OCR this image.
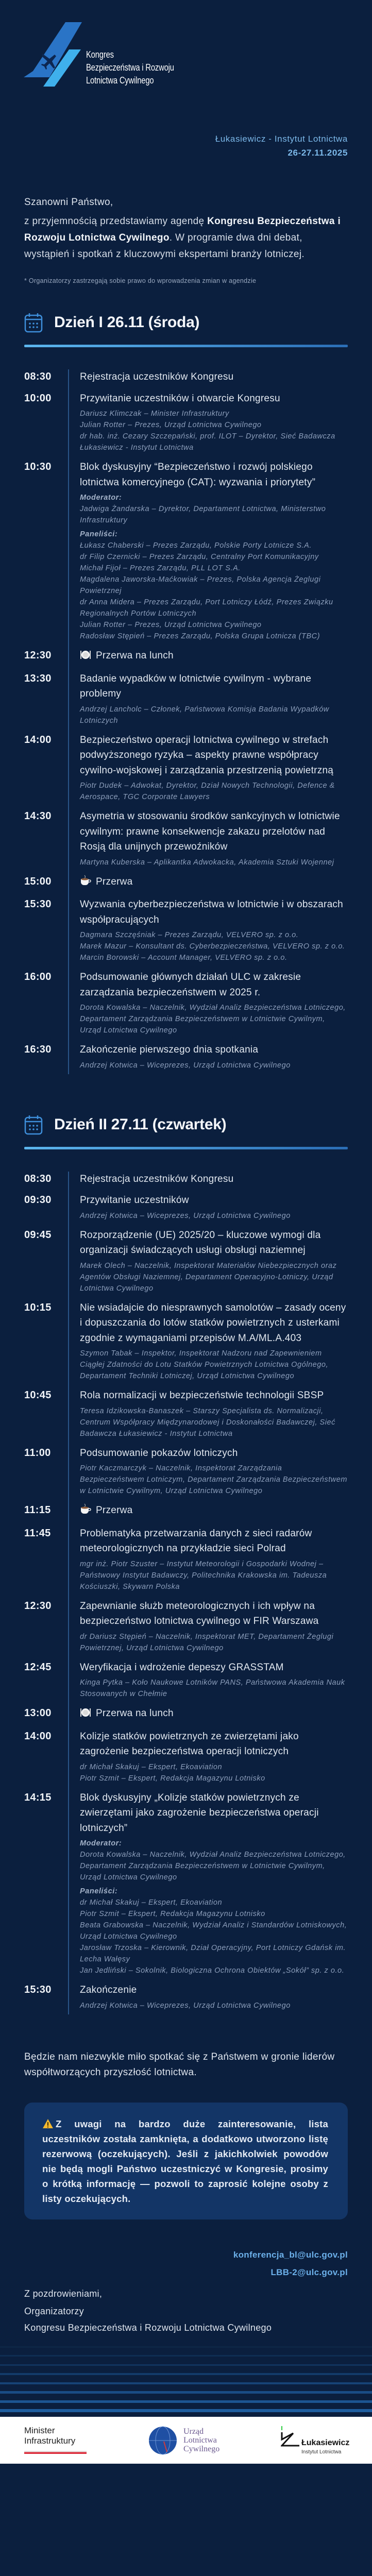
Kongres
Bezpieczeństwa i Rozwoju
Lotnictwa Cywilnego
Łukasiewicz - Instytut Lotnictwa
26-27.11.2025
Szanowni Państwo,
z przyjemnością przedstawiamy agendę Kongresu Bezpieczeństwa i Rozwoju Lotnictwa Cywilnego. W programie dwa dni debat, wystąpień i spotkań z kluczowymi ekspertami branży lotniczej.
* Organizatorzy zastrzegają sobie prawo do wprowadzenia zmian w agendzie
Dzień I 26.11 (środa)
08:30	Rejestracja uczestników Kongresu
10:00	Przywitanie uczestników i otwarcie Kongresu
Dariusz Klimczak – Minister Infrastruktury
Julian Rotter – Prezes, Urząd Lotnictwa Cywilnego
dr hab. inż. Cezary Szczepański, prof. ILOT – Dyrektor, Sieć Badawcza Łukasiewicz - Instytut Lotnictwa
10:30	Blok dyskusyjny “Bezpieczeństwo i rozwój polskiego lotnictwa komercyjnego (CAT): wyzwania i priorytety”
Moderator:
Jadwiga Żandarska – Dyrektor, Departament Lotnictwa, Ministerstwo Infrastruktury
Paneliści:
Łukasz Chaberski – Prezes Zarządu, Polskie Porty Lotnicze S.A.
dr Filip Czernicki – Prezes Zarządu, Centralny Port Komunikacyjny
Michał Fijoł – Prezes Zarządu, PLL LOT S.A.
Magdalena Jaworska-Maćkowiak – Prezes, Polska Agencja Żeglugi Powietrznej
dr Anna Midera – Prezes Zarządu, Port Lotniczy Łódź, Prezes Związku Regionalnych Portów Lotniczych
Julian Rotter – Prezes, Urząd Lotnictwa Cywilnego
Radosław Stępień – Prezes Zarządu, Polska Grupa Lotnicza (TBC)
12:30	Przerwa na lunch
13:30	Badanie wypadków w lotnictwie cywilnym - wybrane problemy
Andrzej Lancholc – Członek, Państwowa Komisja Badania Wypadków Lotniczych
14:00	Bezpieczeństwo operacji lotnictwa cywilnego w strefach podwyższonego ryzyka – aspekty prawne współpracy cywilno-wojskowej i zarządzania przestrzenią powietrzną
Piotr Dudek – Adwokat, Dyrektor, Dział Nowych Technologii, Defence & Aerospace, TGC Corporate Lawyers
14:30	Asymetria w stosowaniu środków sankcyjnych w lotnictwie cywilnym: prawne konsekwencje zakazu przelotów nad Rosją dla unijnych przewoźników
Martyna Kuberska – Aplikantka Adwokacka, Akademia Sztuki Wojennej
15:00	Przerwa
15:30	Wyzwania cyberbezpieczeństwa w lotnictwie i w obszarach współpracujących
Dagmara Szczęśniak – Prezes Zarządu, VELVERO sp. z o.o.
Marek Mazur – Konsultant ds. Cyberbezpieczeństwa, VELVERO sp. z o.o.
Marcin Borowski – Account Manager, VELVERO sp. z o.o.
16:00	Podsumowanie głównych działań ULC w zakresie zarządzania bezpieczeństwem w 2025 r.
Dorota Kowalska – Naczelnik, Wydział Analiz Bezpieczeństwa Lotniczego, Departament Zarządzania Bezpieczeństwem w Lotnictwie Cywilnym, Urząd Lotnictwa Cywilnego
16:30	Zakończenie pierwszego dnia spotkania
Andrzej Kotwica – Wiceprezes, Urząd Lotnictwa Cywilnego
Dzień II 27.11 (czwartek)
08:30	Rejestracja uczestników Kongresu
09:30	Przywitanie uczestników
Andrzej Kotwica – Wiceprezes, Urząd Lotnictwa Cywilnego
09:45	Rozporządzenie (UE) 2025/20 – kluczowe wymogi dla organizacji świadczących usługi obsługi naziemnej
Marek Olech – Naczelnik, Inspektorat Materiałów Niebezpiecznych oraz Agentów Obsługi Naziemnej, Departament Operacyjno-Lotniczy, Urząd Lotnictwa Cywilnego
10:15	Nie wsiadajcie do niesprawnych samolotów – zasady oceny i dopuszczania do lotów statków powietrznych z usterkami zgodnie z wymaganiami przepisów M.A/ML.A.403
Szymon Tabak – Inspektor, Inspektorat Nadzoru nad Zapewnieniem Ciągłej Zdatności do Lotu Statków Powietrznych Lotnictwa Ogólnego, Departament Techniki Lotniczej, Urząd Lotnictwa Cywilnego
10:45	Rola normalizacji w bezpieczeństwie technologii SBSP
Teresa Idzikowska-Banaszek – Starszy Specjalista ds. Normalizacji, Centrum Współpracy Międzynarodowej i Doskonałości Badawczej, Sieć Badawcza Łukasiewicz - Instytut Lotnictwa
11:00	Podsumowanie pokazów lotniczych
Piotr Kaczmarczyk – Naczelnik, Inspektorat Zarządzania Bezpieczeństwem Lotniczym, Departament Zarządzania Bezpieczeństwem w Lotnictwie Cywilnym, Urząd Lotnictwa Cywilnego
11:15	Przerwa
11:45	Problematyka przetwarzania danych z sieci radarów meteorologicznych na przykładzie sieci Polrad
mgr inż. Piotr Szuster – Instytut Meteorologii i Gospodarki Wodnej – Państwowy Instytut Badawczy, Politechnika Krakowska im. Tadeusza Kościuszki, Skywarn Polska
12:30	Zapewnianie służb meteorologicznych i ich wpływ na bezpieczeństwo lotnictwa cywilnego w FIR Warszawa
dr Dariusz Stępień – Naczelnik, Inspektorat MET, Departament Żeglugi Powietrznej, Urząd Lotnictwa Cywilnego
12:45	Weryfikacja i wdrożenie depeszy GRASSTAM
Kinga Pytka – Koło Naukowe Lotników PANS, Państwowa Akademia Nauk Stosowanych w Chełmie
13:00	Przerwa na lunch
14:00	Kolizje statków powietrznych ze zwierzętami jako zagrożenie bezpieczeństwa operacji lotniczych
dr Michał Skakuj – Ekspert, Ekoaviation
Piotr Szmit – Ekspert, Redakcja Magazynu Lotnisko
14:15	Blok dyskusyjny „Kolizje statków powietrznych ze zwierzętami jako zagrożenie bezpieczeństwa operacji lotniczych”
Moderator:
Dorota Kowalska – Naczelnik, Wydział Analiz Bezpieczeństwa Lotniczego, Departament Zarządzania Bezpieczeństwem w Lotnictwie Cywilnym, Urząd Lotnictwa Cywilnego
Paneliści:
dr Michał Skakuj – Ekspert, Ekoaviation
Piotr Szmit – Ekspert, Redakcja Magazynu Lotnisko
Beata Grabowska – Naczelnik, Wydział Analiz i Standardów Lotniskowych, Urząd Lotnictwa Cywilnego
Jarosław Trzoska – Kierownik, Dział Operacyjny, Port Lotniczy Gdańsk im. Lecha Wałęsy
Jan Jedliński – Sokolnik, Biologiczna Ochrona Obiektów „Sokół” sp. z o.o.
15:30	Zakończenie
Andrzej Kotwica – Wiceprezes, Urząd Lotnictwa Cywilnego
Będzie nam niezwykle miło spotkać się z Państwem w gronie liderów współtworzących przyszłość lotnictwa.
Z uwagi na bardzo duże zainteresowanie, lista uczestników została zamknięta, a dodatkowo utworzono listę rezerwową (oczekujących). Jeśli z jakichkolwiek powodów nie będą mogli Państwo uczestniczyć w Kongresie, prosimy o krótką informację — pozwoli to zaprosić kolejne osoby z listy oczekujących.
konferencja_bl@ulc.gov.pl
LBB-2@ulc.gov.pl
Z pozdrowieniami,
Organizatorzy
Kongresu Bezpieczeństwa i Rozwoju Lotnictwa Cywilnego
Minister
Infrastruktury
Urząd
Lotnictwa
Cywilnego
Łukasiewicz
Instytut Lotnictwa
